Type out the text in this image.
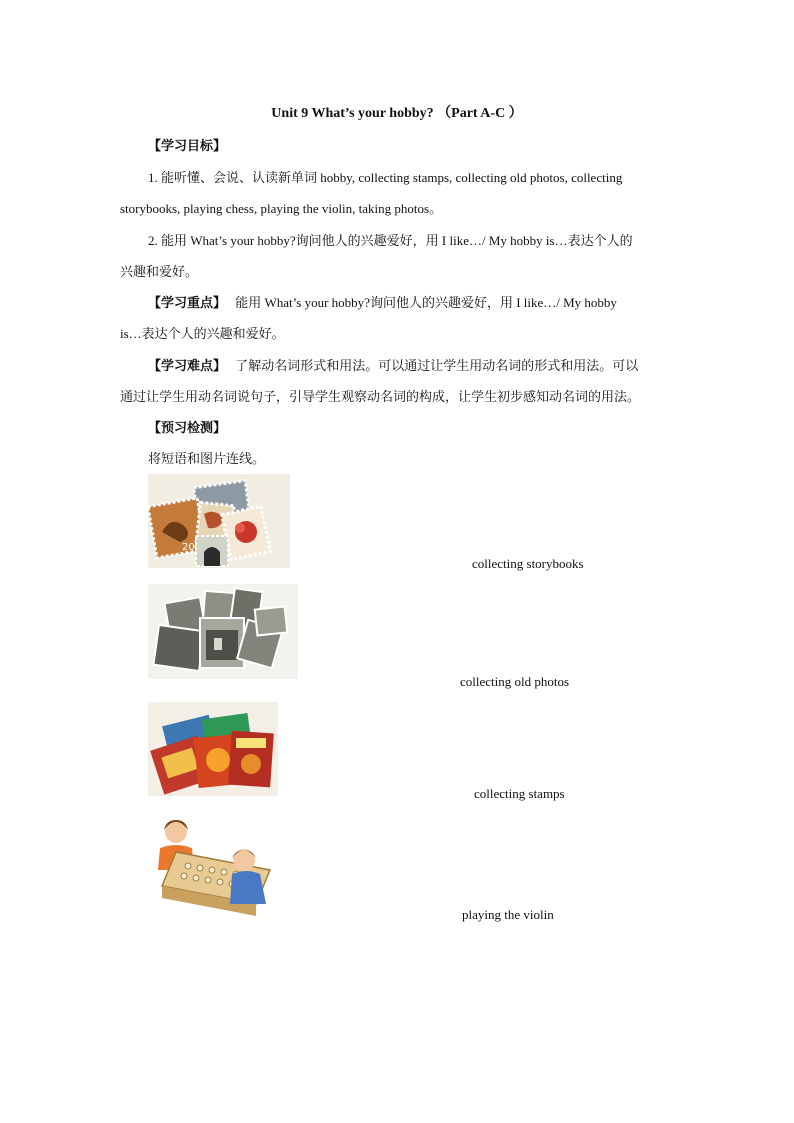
Unit 9 What’s your hobby? （Part A-C ）
【学习目标】
1. 能听懂、会说、认读新单词 hobby, collecting stamps, collecting old photos, collecting
storybooks, playing chess, playing the violin, taking photos。
2. 能用 What’s your hobby?询问他人的兴趣爱好，用 I like…/ My hobby is…表达个人的
兴趣和爱好。
【学习重点】 能用 What’s your hobby?询问他人的兴趣爱好，用 I like…/ My hobby
is…表达个人的兴趣和爱好。
【学习难点】 了解动名词形式和用法。可以通过让学生用动名词的形式和用法。可以
通过让学生用动名词说句子，引导学生观察动名词的构成，让学生初步感知动名词的用法。
【预习检测】
将短语和图片连线。
20
collecting storybooks
collecting old photos
collecting stamps
playing the violin
